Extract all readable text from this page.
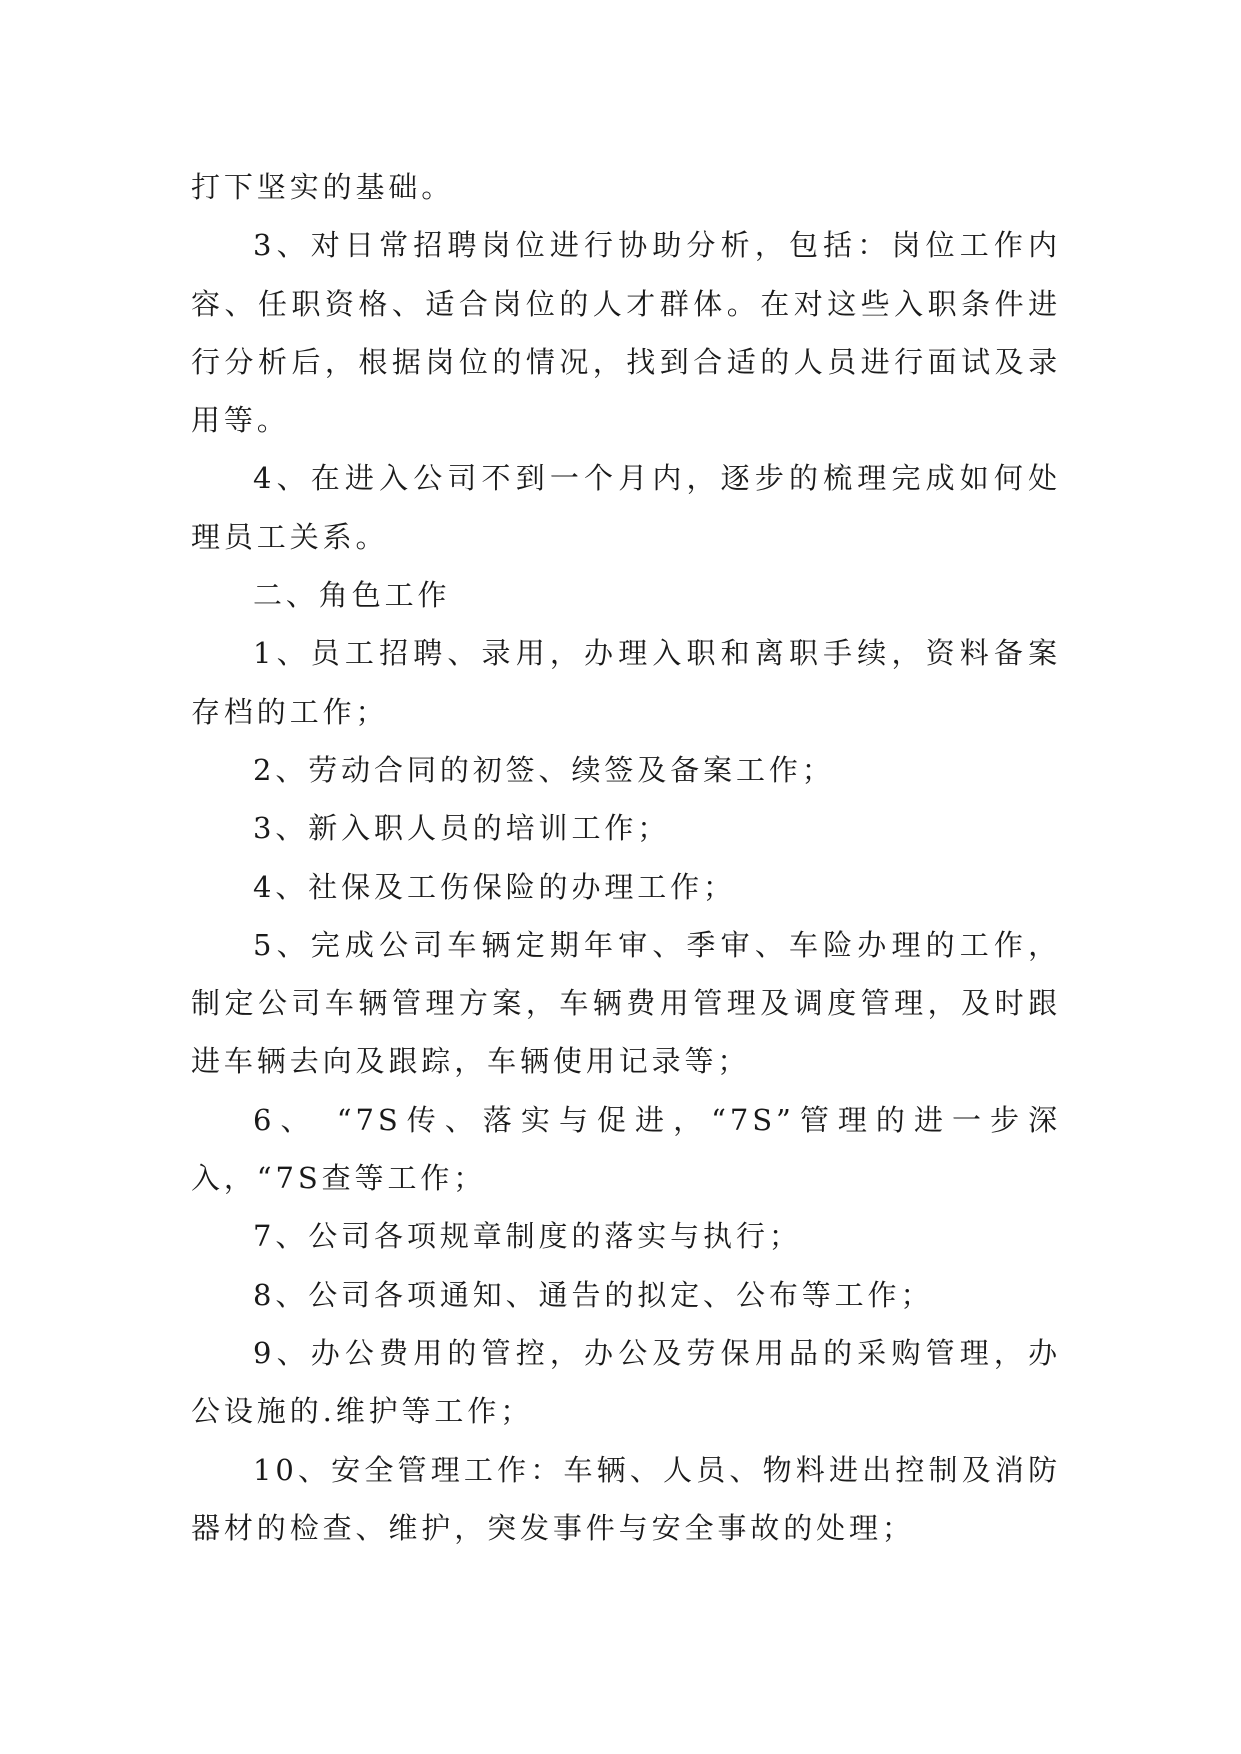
打下坚实的基础。

3、对日常招聘岗位进行协助分析，包括：岗位工作内容、任职资格、适合岗位的人才群体。在对这些入职条件进行分析后，根据岗位的情况，找到合适的人员进行面试及录用等。

4、在进入公司不到一个月内，逐步的梳理完成如何处理员工关系。

二、角色工作

1、员工招聘、录用，办理入职和离职手续，资料备案存档的工作；

2、劳动合同的初签、续签及备案工作；

3、新入职人员的培训工作；

4、社保及工伤保险的办理工作；

5、完成公司车辆定期年审、季审、车险办理的工作，制定公司车辆管理方案，车辆费用管理及调度管理，及时跟进车辆去向及跟踪，车辆使用记录等；

6、 “7S传、落实与促进，“7S”管理的进一步深入，“7S查等工作；

7、公司各项规章制度的落实与执行；

8、公司各项通知、通告的拟定、公布等工作；

9、办公费用的管控，办公及劳保用品的采购管理，办公设施的.维护等工作；

10、安全管理工作：车辆、人员、物料进出控制及消防器材的检查、维护，突发事件与安全事故的处理；
